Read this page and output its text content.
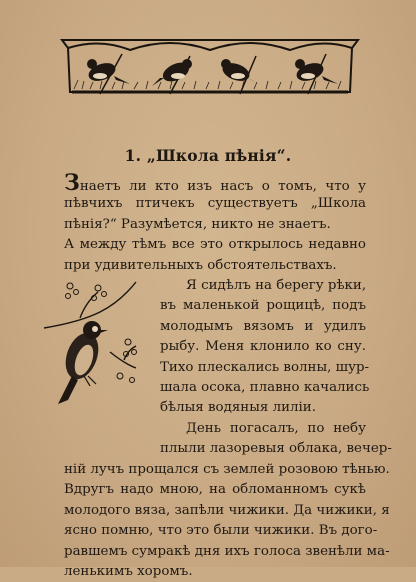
1. „Школа пѣнія“.
Знаетъ ли кто изъ насъ о томъ, что у
пѣвчихъ птичекъ существуетъ „Школа
пѣнія?“ Разумѣется, никто не знаетъ.
А между тѣмъ все это открылось недавно
при удивительныхъ обстоятельствахъ.
Я сидѣлъ на берегу рѣки,
въ маленькой рощицѣ, подъ
молодымъ вязомъ и удилъ
рыбу. Меня клонило ко сну.
Тихо плескались волны, шур-
шала осока, плавно качались
бѣлыя водяныя лиліи.
День погасалъ, по небу
плыли лазоревыя облака, вечер-
ній лучъ прощался съ землей розовою тѣнью.
Вдругъ надо мною, на обломанномъ сукѣ
молодого вяза, запѣли чижики. Да чижики, я
ясно помню, что это были чижики. Въ дого-
равшемъ сумракѣ дня ихъ голоса звенѣли ма-
ленькимъ хоромъ.
